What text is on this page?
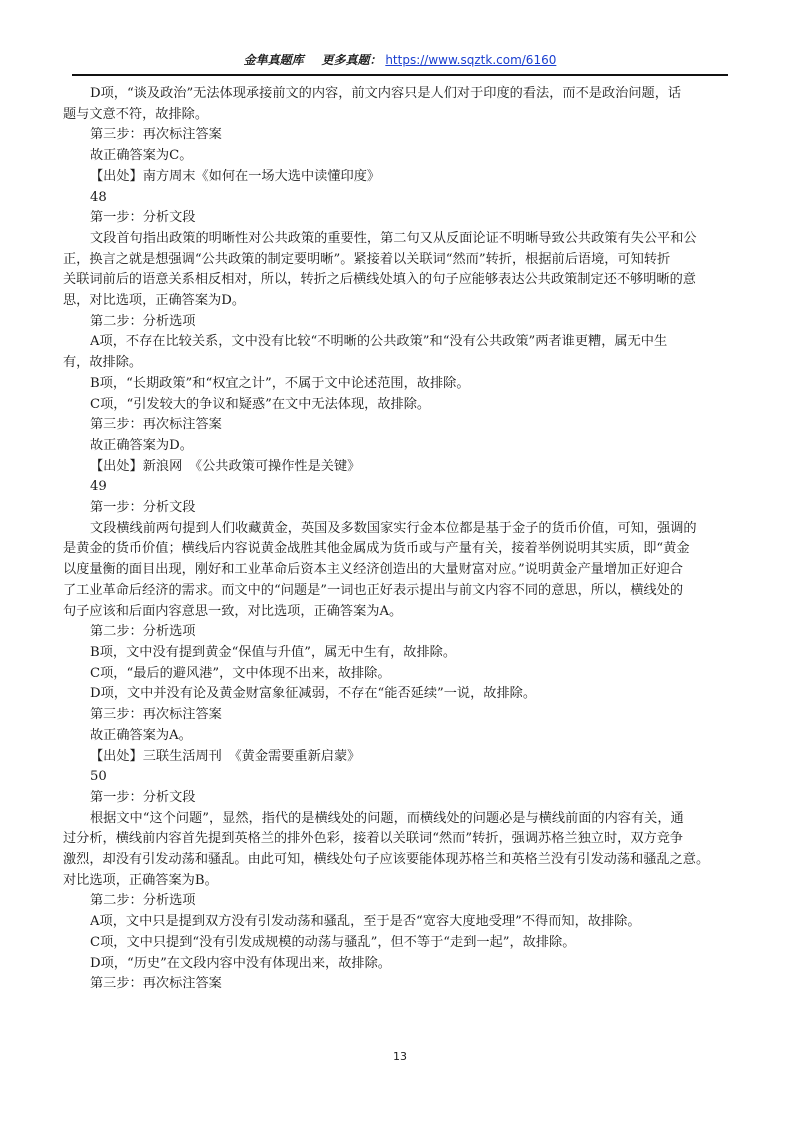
金隼真题库 更多真题： https://www.sqztk.com/6160
D项，“谈及政治”无法体现承接前文的内容，前文内容只是人们对于印度的看法，而不是政治问题，话
题与文意不符，故排除。
第三步：再次标注答案
故正确答案为C。
【出处】南方周末《如何在一场大选中读懂印度》
48
第一步：分析文段
文段首句指出政策的明晰性对公共政策的重要性，第二句又从反面论证不明晰导致公共政策有失公平和公
正，换言之就是想强调“公共政策的制定要明晰”。紧接着以关联词“然而”转折，根据前后语境，可知转折
关联词前后的语意关系相反相对，所以，转折之后横线处填入的句子应能够表达公共政策制定还不够明晰的意
思，对比选项，正确答案为D。
第二步：分析选项
A项，不存在比较关系，文中没有比较“不明晰的公共政策”和“没有公共政策”两者谁更糟，属无中生
有，故排除。
B项，“长期政策”和“权宜之计”，不属于文中论述范围，故排除。
C项，“引发较大的争议和疑惑”在文中无法体现，故排除。
第三步：再次标注答案
故正确答案为D。
【出处】新浪网　《公共政策可操作性是关键》
49
第一步：分析文段
文段横线前两句提到人们收藏黄金，英国及多数国家实行金本位都是基于金子的货币价值，可知，强调的
是黄金的货币价值；横线后内容说黄金战胜其他金属成为货币或与产量有关，接着举例说明其实质，即“黄金
以度量衡的面目出现，刚好和工业革命后资本主义经济创造出的大量财富对应。”说明黄金产量增加正好迎合
了工业革命后经济的需求。而文中的“问题是”一词也正好表示提出与前文内容不同的意思，所以，横线处的
句子应该和后面内容意思一致，对比选项，正确答案为A。
第二步：分析选项
B项，文中没有提到黄金“保值与升值”，属无中生有，故排除。
C项，“最后的避风港”，文中体现不出来，故排除。
D项，文中并没有论及黄金财富象征减弱，不存在“能否延续”一说，故排除。
第三步：再次标注答案
故正确答案为A。
【出处】三联生活周刊　《黄金需要重新启蒙》
50
第一步：分析文段
根据文中“这个问题”，显然，指代的是横线处的问题，而横线处的问题必是与横线前面的内容有关，通
过分析，横线前内容首先提到英格兰的排外色彩，接着以关联词“然而”转折，强调苏格兰独立时，双方竞争
激烈，却没有引发动荡和骚乱。由此可知，横线处句子应该要能体现苏格兰和英格兰没有引发动荡和骚乱之意。
对比选项，正确答案为B。
第二步：分析选项
A项，文中只是提到双方没有引发动荡和骚乱，至于是否“宽容大度地受理”不得而知，故排除。
C项，文中只提到“没有引发成规模的动荡与骚乱”，但不等于“走到一起”，故排除。
D项，“历史”在文段内容中没有体现出来，故排除。
第三步：再次标注答案
13
